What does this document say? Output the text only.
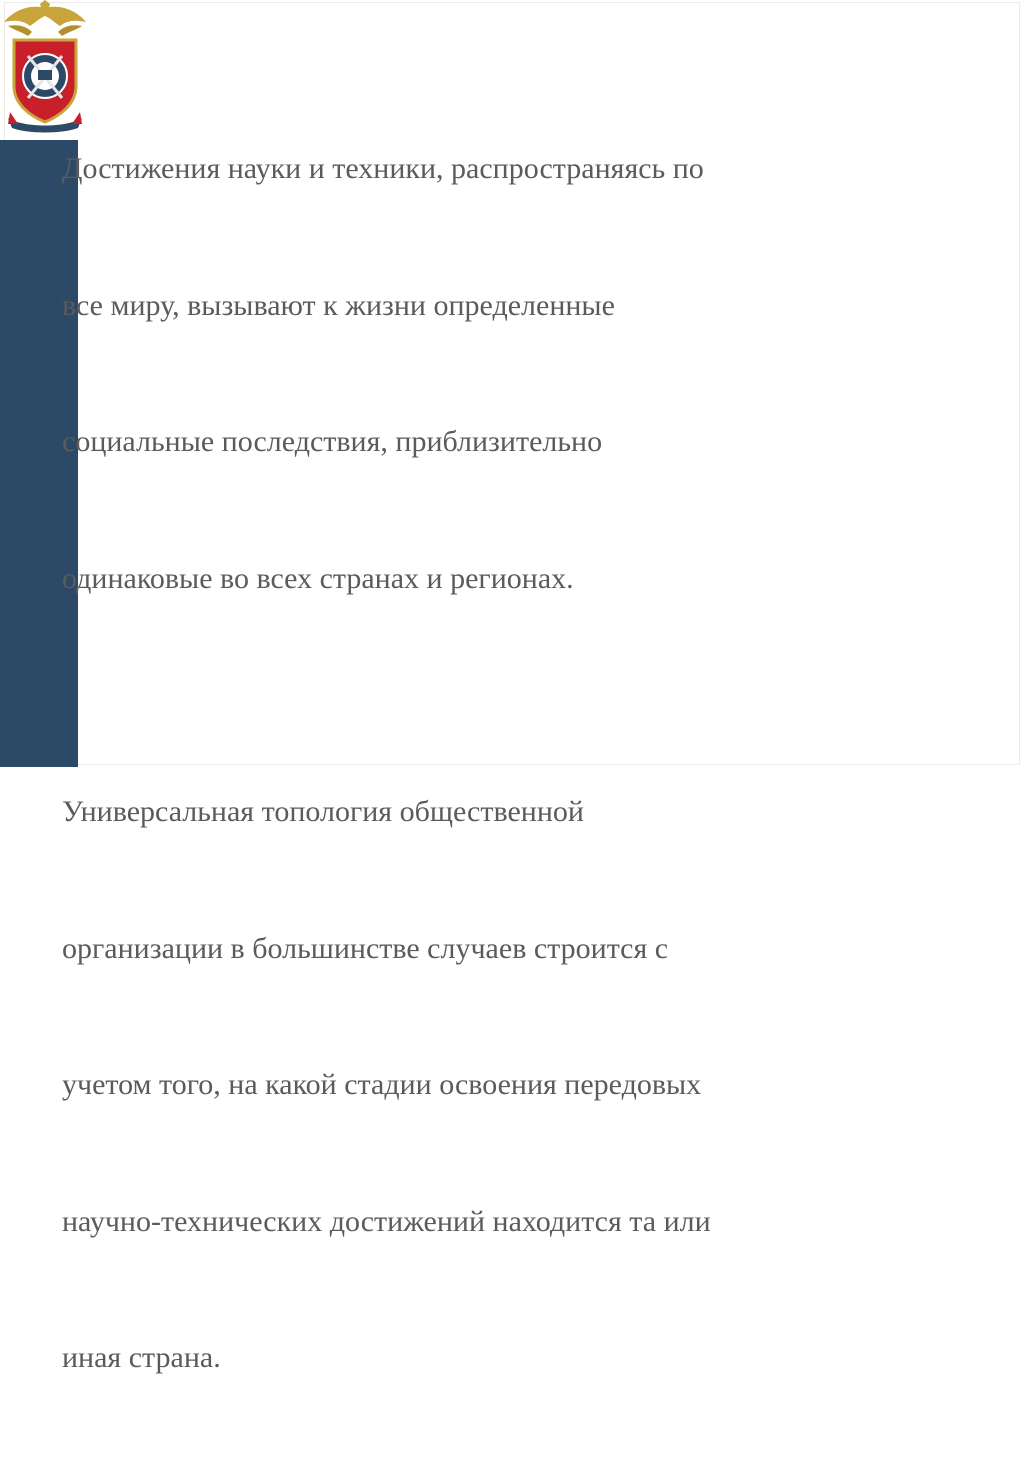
Достижения науки и техники, распространяясь по

все миру, вызывают к жизни определенные

социальные последствия, приблизительно

одинаковые во всех странах и регионах.

Универсальная топология общественной

организации в большинстве случаев строится с

учетом того, на какой стадии освоения передовых

научно-технических достижений находится та или

иная страна.
